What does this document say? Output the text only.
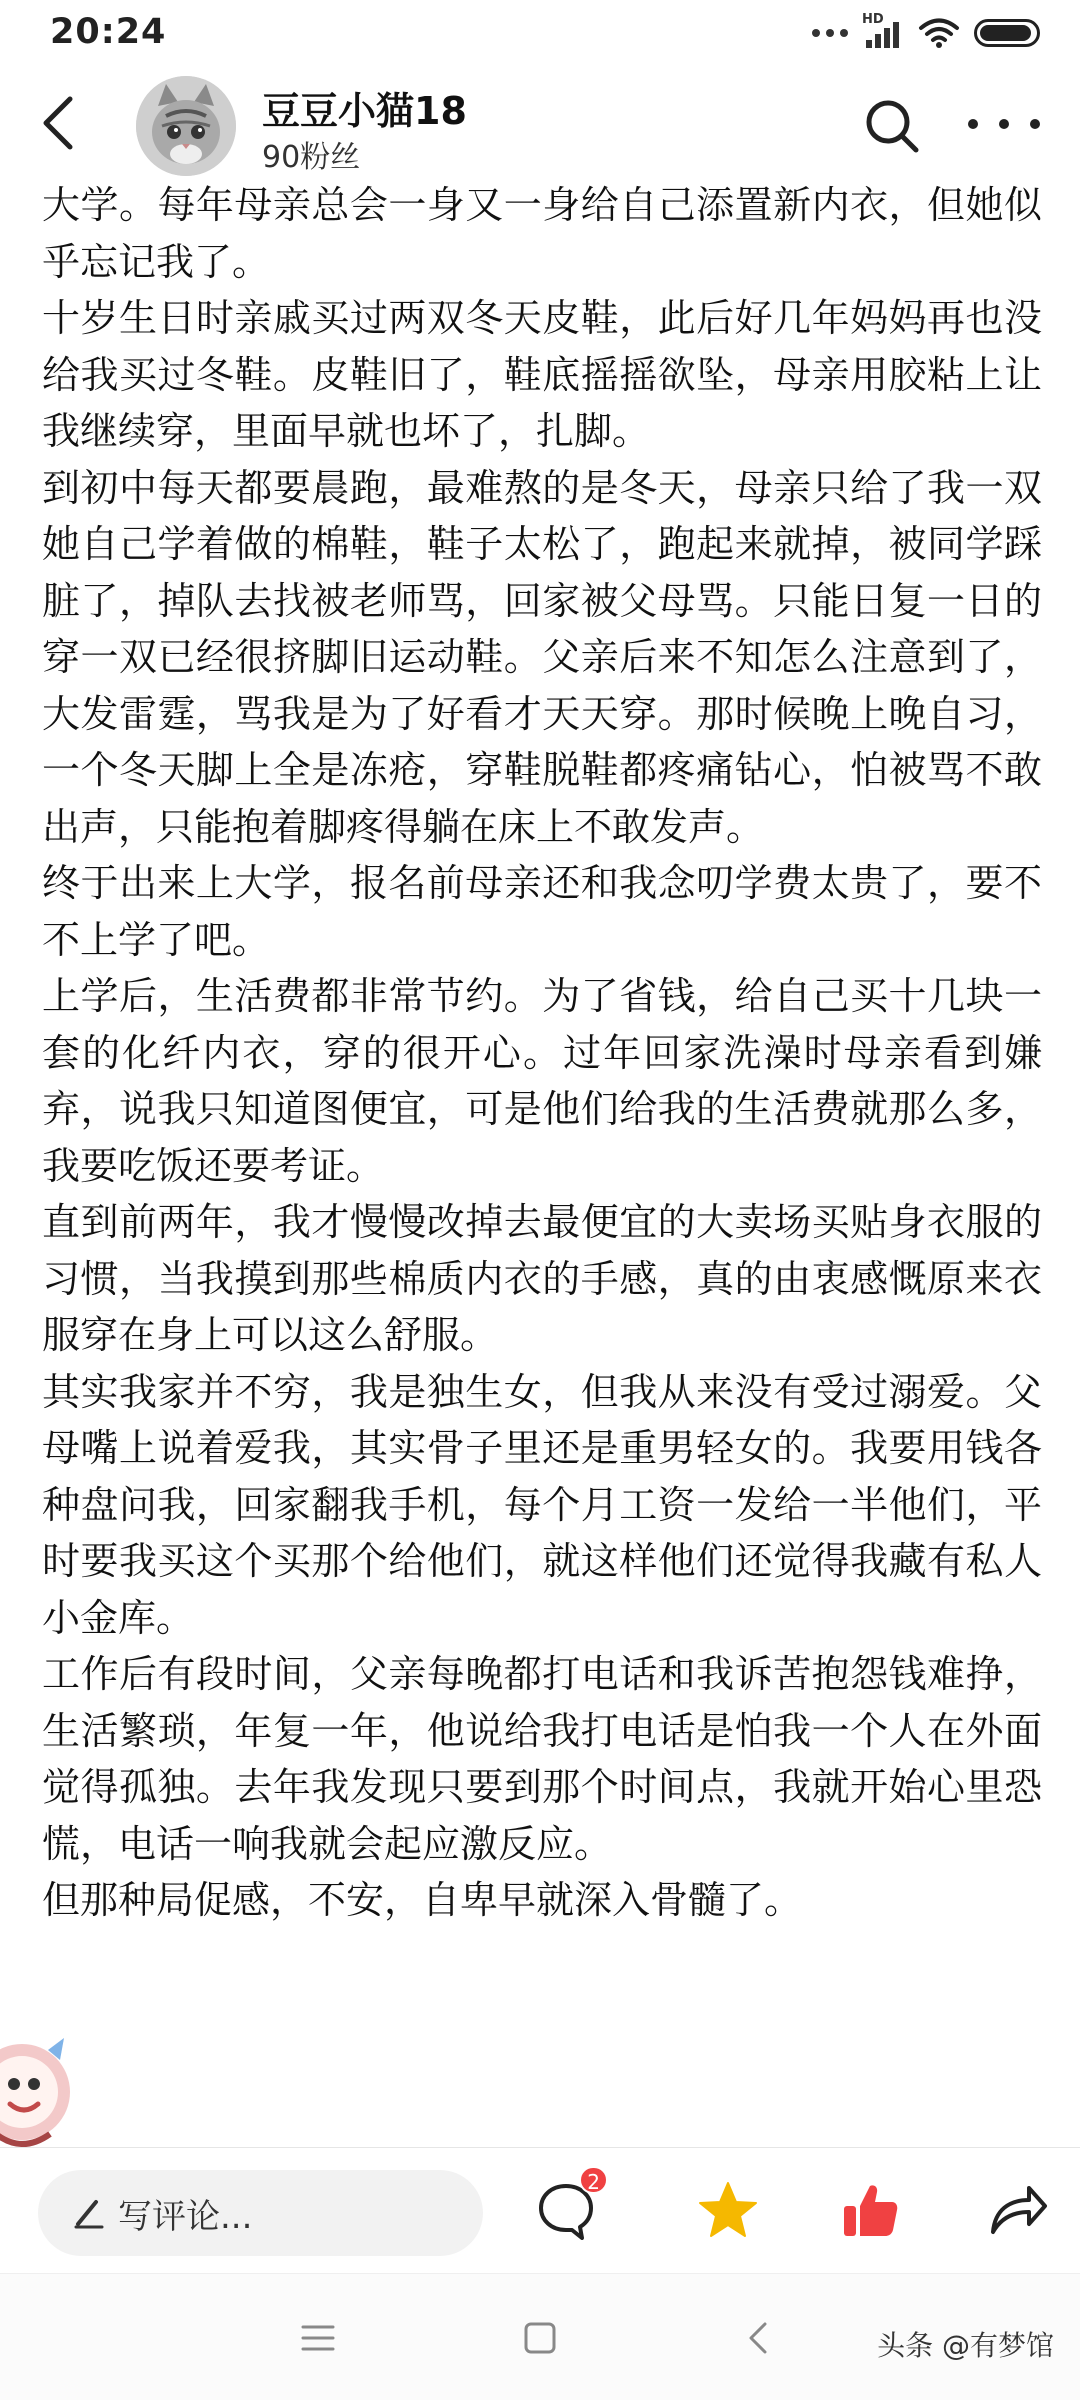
20:24	HD
豆豆小猫18
90粉丝

大学。每年母亲总会一身又一身给自己添置新内衣，但她似乎忘记我了。

十岁生日时亲戚买过两双冬天皮鞋，此后好几年妈妈再也没给我买过冬鞋。皮鞋旧了，鞋底摇摇欲坠，母亲用胶粘上让我继续穿，里面早就也坏了，扎脚。

到初中每天都要晨跑，最难熬的是冬天，母亲只给了我一双她自己学着做的棉鞋，鞋子太松了，跑起来就掉，被同学踩脏了，掉队去找被老师骂，回家被父母骂。只能日复一日的穿一双已经很挤脚旧运动鞋。父亲后来不知怎么注意到了，大发雷霆，骂我是为了好看才天天穿。那时候晚上晚自习，一个冬天脚上全是冻疮，穿鞋脱鞋都疼痛钻心，怕被骂不敢出声，只能抱着脚疼得躺在床上不敢发声。

终于出来上大学，报名前母亲还和我念叨学费太贵了，要不不上学了吧。

上学后，生活费都非常节约。为了省钱，给自己买十几块一套的化纤内衣，穿的很开心。过年回家洗澡时母亲看到嫌弃，说我只知道图便宜，可是他们给我的生活费就那么多，我要吃饭还要考证。

直到前两年，我才慢慢改掉去最便宜的大卖场买贴身衣服的习惯，当我摸到那些棉质内衣的手感，真的由衷感慨原来衣服穿在身上可以这么舒服。

其实我家并不穷，我是独生女，但我从来没有受过溺爱。父母嘴上说着爱我，其实骨子里还是重男轻女的。我要用钱各种盘问我，回家翻我手机，每个月工资一发给一半他们，平时要我买这个买那个给他们，就这样他们还觉得我藏有私人小金库。

工作后有段时间，父亲每晚都打电话和我诉苦抱怨钱难挣，生活繁琐，年复一年，他说给我打电话是怕我一个人在外面觉得孤独。去年我发现只要到那个时间点，我就开始心里恐慌，电话一响我就会起应激反应。

但那种局促感，不安，自卑早就深入骨髓了。

写评论...
2
头条 @有梦馆
